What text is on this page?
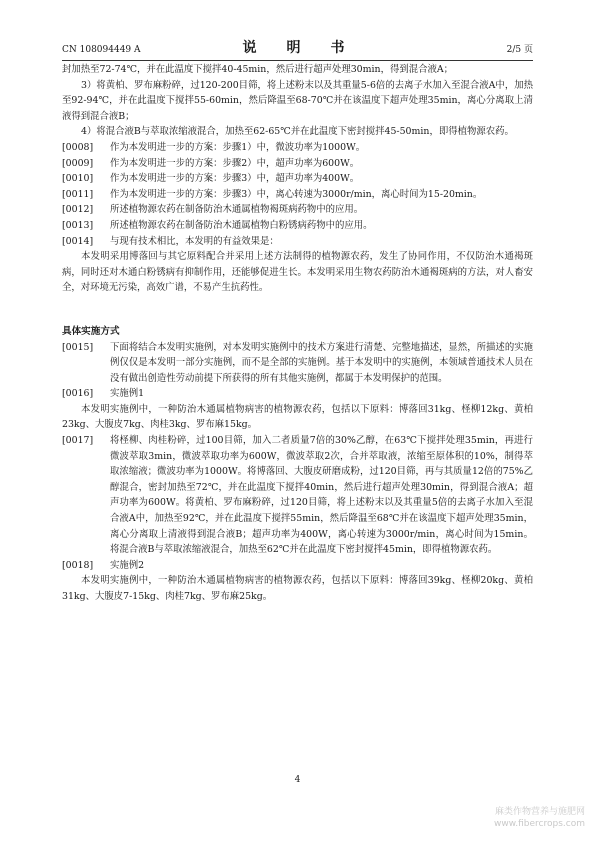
CN 108094449 A	说　明　书	2/5 页

封加热至72-74℃，并在此温度下搅拌40-45min，然后进行超声处理30min，得到混合液A；

3）将黄柏、罗布麻粉碎，过120-200目筛，将上述粉末以及其重量5-6倍的去离子水加入至混合液A中，加热至92-94℃，并在此温度下搅拌55-60min，然后降温至68-70℃并在该温度下超声处理35min，离心分离取上清液得到混合液B；

4）将混合液B与萃取浓缩液混合，加热至62-65℃并在此温度下密封搅拌45-50min，即得植物源农药。

[0008]	作为本发明进一步的方案：步骤1）中，微波功率为1000W。
[0009]	作为本发明进一步的方案：步骤2）中，超声功率为600W。
[0010]	作为本发明进一步的方案：步骤3）中，超声功率为400W。
[0011]	作为本发明进一步的方案：步骤3）中，离心转速为3000r/min，离心时间为15-20min。
[0012]	所述植物源农药在制备防治木通属植物褐斑病药物中的应用。
[0013]	所述植物源农药在制备防治木通属植物白粉锈病药物中的应用。
[0014]	与现有技术相比，本发明的有益效果是：

本发明采用博落回与其它原料配合并采用上述方法制得的植物源农药，发生了协同作用，不仅防治木通褐斑病，同时还对木通白粉锈病有抑制作用，还能够促进生长。本发明采用生物农药防治木通褐斑病的方法，对人畜安全，对环境无污染，高效广谱，不易产生抗药性。

具体实施方式

[0015]	下面将结合本发明实施例，对本发明实施例中的技术方案进行清楚、完整地描述，显然，所描述的实施例仅仅是本发明一部分实施例，而不是全部的实施例。基于本发明中的实施例，本领域普通技术人员在没有做出创造性劳动前提下所获得的所有其他实施例，都属于本发明保护的范围。
[0016]	实施例1

本发明实施例中，一种防治木通属植物病害的植物源农药，包括以下原料：博落回31kg、柽柳12kg、黄柏23kg、大腹皮7kg、肉桂3kg、罗布麻15kg。

[0017]	将柽柳、肉桂粉碎，过100目筛，加入二者质量7倍的30%乙醇，在63℃下搅拌处理35min，再进行微波萃取3min，微波萃取功率为600W，微波萃取2次，合并萃取液，浓缩至原体积的10%，制得萃取浓缩液；微波功率为1000W。将博落回、大腹皮研磨成粉，过120目筛，再与其质量12倍的75%乙醇混合，密封加热至72℃，并在此温度下搅拌40min，然后进行超声处理30min，得到混合液A；超声功率为600W。将黄柏、罗布麻粉碎，过120目筛，将上述粉末以及其重量5倍的去离子水加入至混合液A中，加热至92℃，并在此温度下搅拌55min，然后降温至68℃并在该温度下超声处理35min，离心分离取上清液得到混合液B；超声功率为400W，离心转速为3000r/min，离心时间为15min。将混合液B与萃取浓缩液混合，加热至62℃并在此温度下密封搅拌45min，即得植物源农药。
[0018]	实施例2

本发明实施例中，一种防治木通属植物病害的植物源农药，包括以下原料：博落回39kg、柽柳20kg、黄柏31kg、大腹皮7-15kg、肉桂7kg、罗布麻25kg。

4
麻类作物营养与施肥网
www.fibercrops.com
